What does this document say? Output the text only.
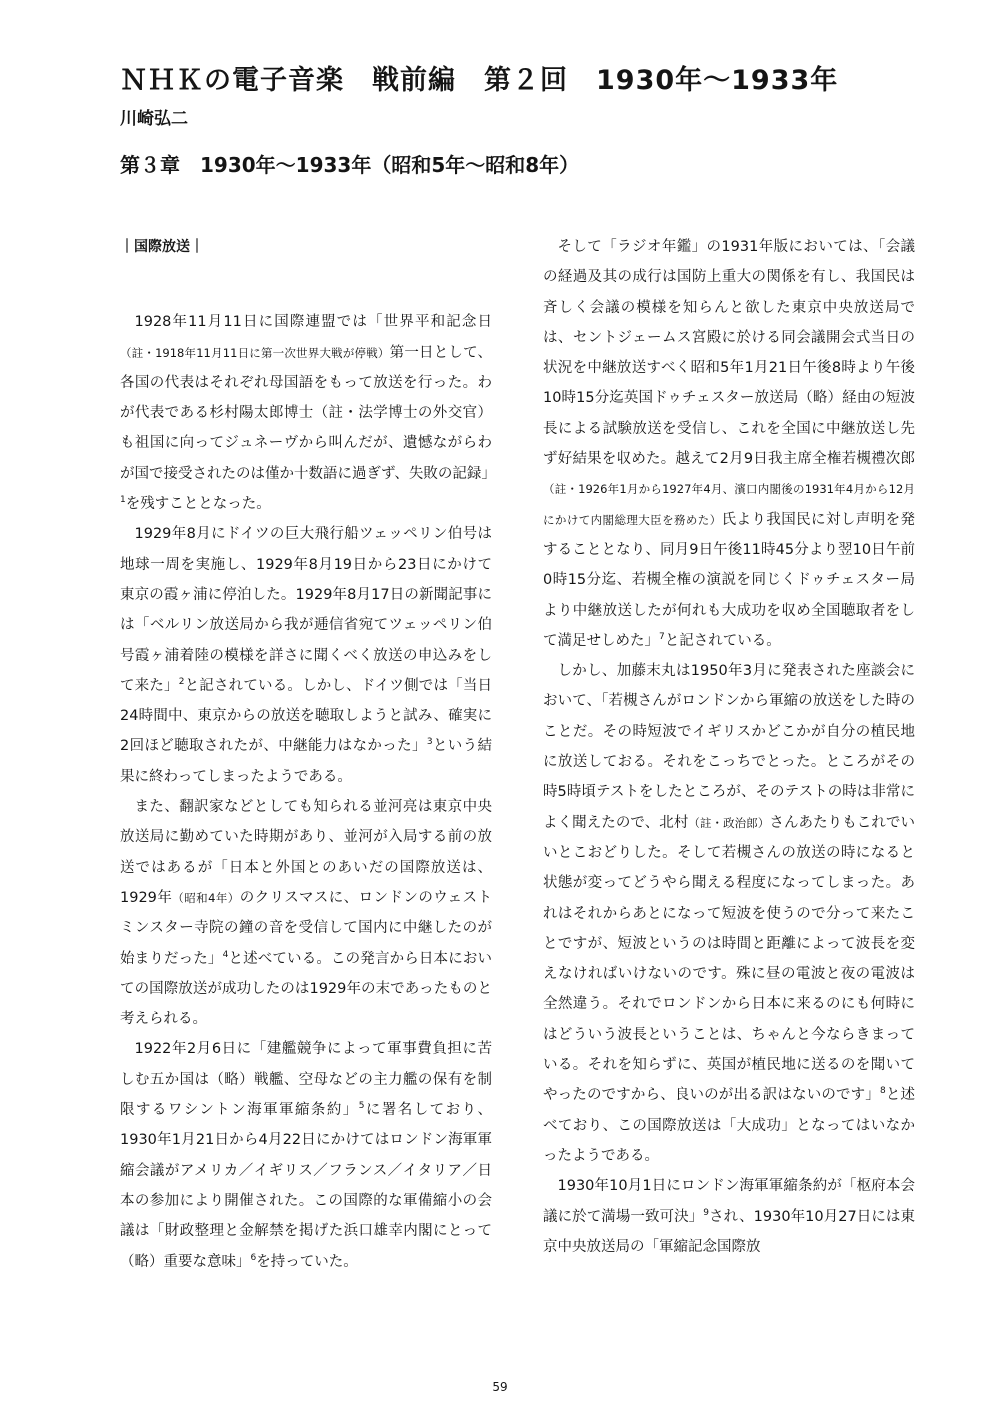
ＮＨＫの電子音楽　戦前編　第２回　1930年～1933年
川崎弘二
第３章　1930年～1933年（昭和5年～昭和8年）

｜国際放送｜

1928年11月11日に国際連盟では「世界平和記念日（註・1918年11月11日に第一次世界大戦が停戦）第一日として、各国の代表はそれぞれ母国語をもって放送を行った。わが代表である杉村陽太郎博士（註・法学博士の外交官）も祖国に向ってジュネーヴから叫んだが、遺憾ながらわが国で接受されたのは僅か十数語に過ぎず、失敗の記録」$^1$を残すこととなった。

1929年8月にドイツの巨大飛行船ツェッペリン伯号は地球一周を実施し、1929年8月19日から23日にかけて東京の霞ヶ浦に停泊した。1929年8月17日の新聞記事には「ベルリン放送局から我が逓信省宛てツェッペリン伯号霞ヶ浦着陸の模様を詳さに聞くべく放送の申込みをして来た」$^2$と記されている。しかし、ドイツ側では「当日24時間中、東京からの放送を聴取しようと試み、確実に2回ほど聴取されたが、中継能力はなかった」$^3$という結果に終わってしまったようである。

また、翻訳家などとしても知られる並河亮は東京中央放送局に勤めていた時期があり、並河が入局する前の放送ではあるが「日本と外国とのあいだの国際放送は、1929年（昭和4年）のクリスマスに、ロンドンのウェストミンスター寺院の鐘の音を受信して国内に中継したのが始まりだった」$^4$と述べている。この発言から日本においての国際放送が成功したのは1929年の末であったものと考えられる。

1922年2月6日に「建艦競争によって軍事費負担に苦しむ五か国は（略）戦艦、空母などの主力艦の保有を制限するワシントン海軍軍縮条約」$^5$に署名しており、1930年1月21日から4月22日にかけてはロンドン海軍軍縮会議がアメリカ／イギリス／フランス／イタリア／日本の参加により開催された。この国際的な軍備縮小の会議は「財政整理と金解禁を掲げた浜口雄幸内閣にとって（略）重要な意味」$^6$を持っていた。

そして「ラジオ年鑑」の1931年版においては、「会議の経過及其の成行は国防上重大の関係を有し、我国民は斉しく会議の模様を知らんと欲した東京中央放送局では、セントジェームス宮殿に於ける同会議開会式当日の状況を中継放送すべく昭和5年1月21日午後8時より午後10時15分迄英国ドゥチェスター放送局（略）経由の短波長による試験放送を受信し、これを全国に中継放送し先ず好結果を収めた。越えて2月9日我主席全権若槻禮次郎（註・1926年1月から1927年4月、濱口内閣後の1931年4月から12月にかけて内閣総理大臣を務めた）氏より我国民に対し声明を発することとなり、同月9日午後11時45分より翌10日午前0時15分迄、若槻全権の演説を同じくドゥチェスター局より中継放送したが何れも大成功を収め全国聴取者をして満足せしめた」$^7$と記されている。

しかし、加藤末丸は1950年3月に発表された座談会において、「若槻さんがロンドンから軍縮の放送をした時のことだ。その時短波でイギリスかどこかが自分の植民地に放送しておる。それをこっちでとった。ところがその時5時頃テストをしたところが、そのテストの時は非常によく聞えたので、北村（註・政治郎）さんあたりもこれでいいとこおどりした。そして若槻さんの放送の時になると状態が変ってどうやら聞える程度になってしまった。あれはそれからあとになって短波を使うので分って来たことですが、短波というのは時間と距離によって波長を変えなければいけないのです。殊に昼の電波と夜の電波は全然違う。それでロンドンから日本に来るのにも何時にはどういう波長ということは、ちゃんと今ならきまっている。それを知らずに、英国が植民地に送るのを聞いてやったのですから、良いのが出る訳はないのです」$^8$と述べており、この国際放送は「大成功」となってはいなかったようである。

1930年10月1日にロンドン海軍軍縮条約が「枢府本会議に於て満場一致可決」$^9$され、1930年10月27日には東京中央放送局の「軍縮記念国際放

59
